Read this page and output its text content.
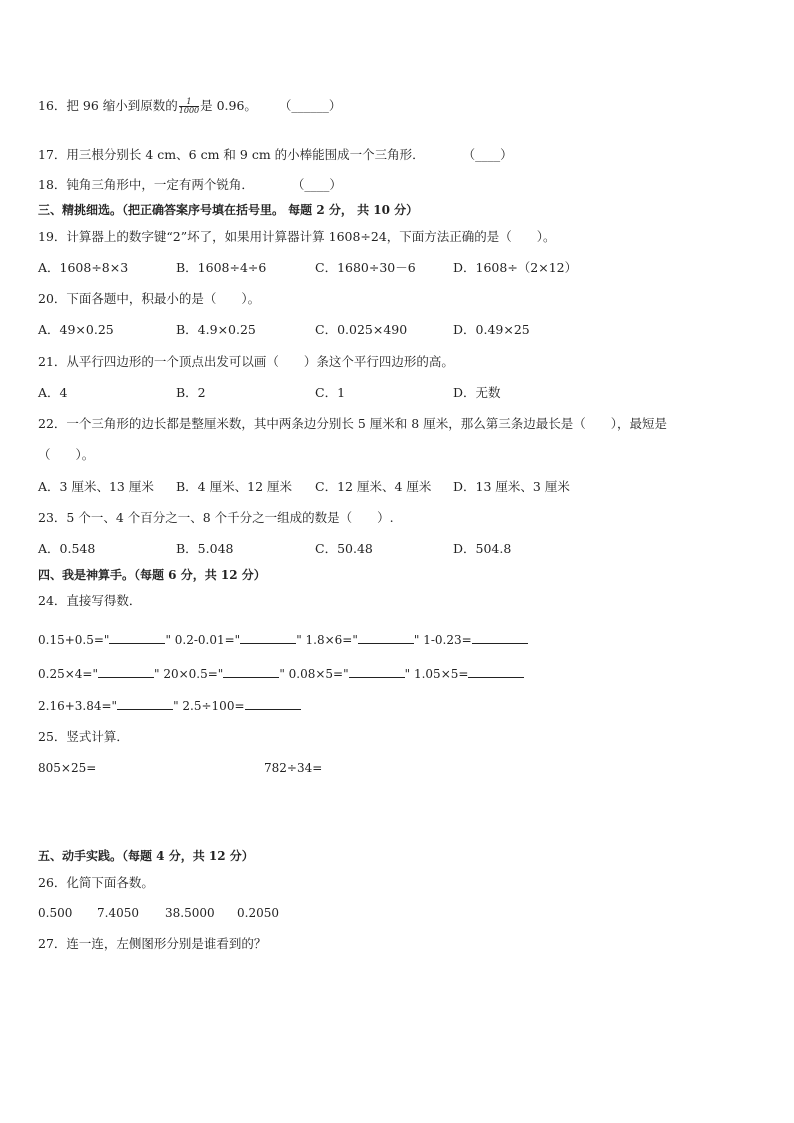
16．把 96 缩小到原数的 $\frac{1}{1000}$ 是 0.96。 （______）
17．用三根分别长 4 cm、6 cm 和 9 cm 的小棒能围成一个三角形．	（____）
18．钝角三角形中，一定有两个锐角．	（____）
三、精挑细选。（把正确答案序号填在括号里。 每题 2 分， 共 10 分）
19．计算器上的数字键“2”坏了，如果用计算器计算 1608÷24，下面方法正确的是（　　）。
A．1608÷8×3	B．1608÷4÷6	C．1680÷30－6	D．1608÷（2×12）
20．下面各题中，积最小的是（　　）。
A．49×0.25	B．4.9×0.25	C．0.025×490	D．0.49×25
21．从平行四边形的一个顶点出发可以画（　　）条这个平行四边形的高。
A．4	B．2	C．1	D．无数
22．一个三角形的边长都是整厘米数，其中两条边分别长 5 厘米和 8 厘米，那么第三条边最长是（　　），最短是
（　　）。
A．3 厘米、13 厘米 B．4 厘米、12 厘米 C．12 厘米、4 厘米 D．13 厘米、3 厘米
23．5 个一、4 个百分之一、8 个千分之一组成的数是（　　）.
A．0.548	B．5.048	C．50.48	D．504.8
四、我是神算手。（每题 6 分，共 12 分）
24．直接写得数．
0.15+0.5="	" 0.2-0.01="	" 1.8×6="	" 1-0.23=
0.25×4="	" 20×0.5="	" 0.08×5="	" 1.05×5=
2.16+3.84="	" 2.5÷100=
25．竖式计算．
805×25=	782÷34=
五、动手实践。（每题 4 分，共 12 分）
26．化简下面各数。
0.500 7.4050 38.5000 0.2050
27．连一连，左侧图形分别是谁看到的？
